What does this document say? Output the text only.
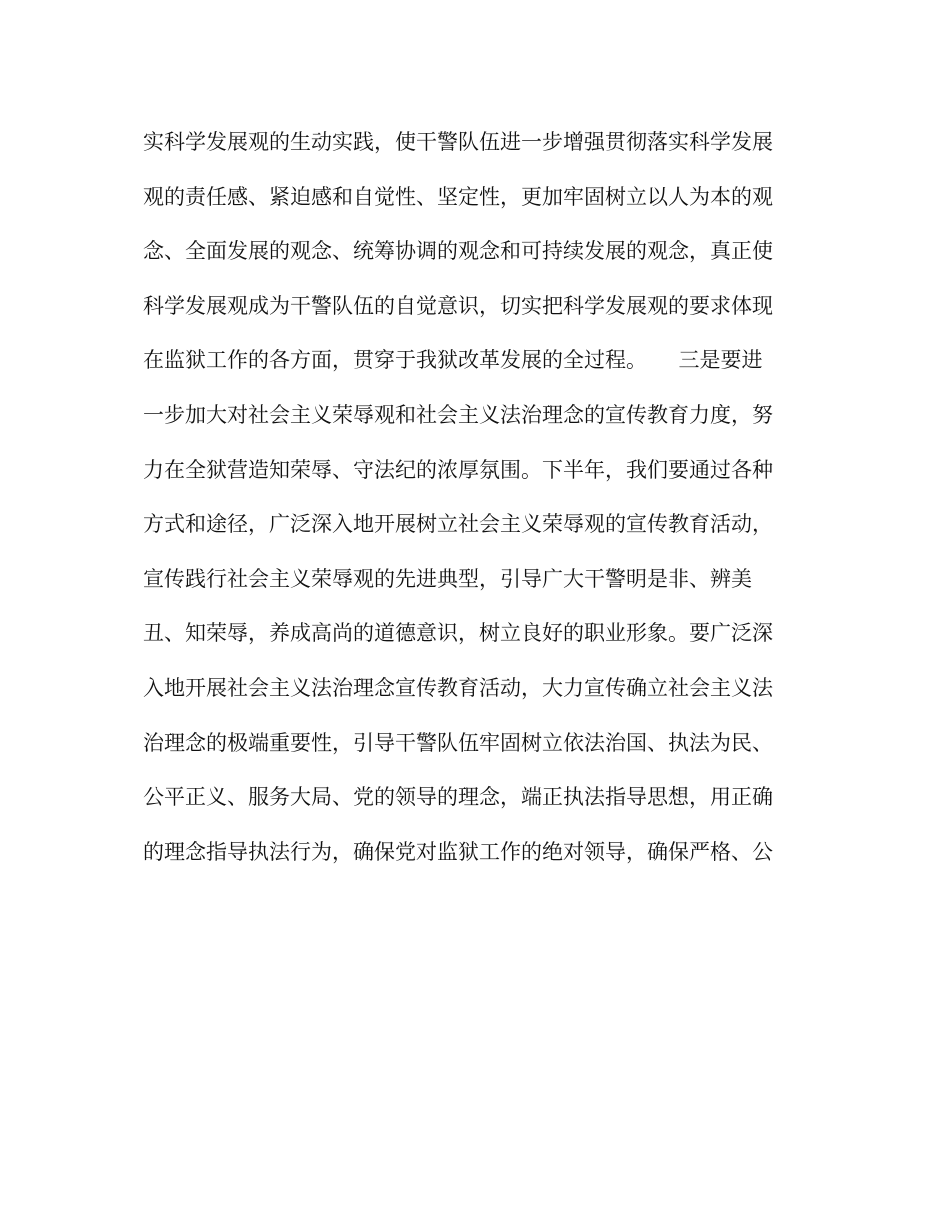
实科学发展观的生动实践，使干警队伍进一步增强贯彻落实科学发展
观的责任感、紧迫感和自觉性、坚定性，更加牢固树立以人为本的观
念、全面发展的观念、统筹协调的观念和可持续发展的观念，真正使
科学发展观成为干警队伍的自觉意识，切实把科学发展观的要求体现
在监狱工作的各方面，贯穿于我狱改革发展的全过程。　　三是要进
一步加大对社会主义荣辱观和社会主义法治理念的宣传教育力度，努
力在全狱营造知荣辱、守法纪的浓厚氛围。下半年，我们要通过各种
方式和途径，广泛深入地开展树立社会主义荣辱观的宣传教育活动，
宣传践行社会主义荣辱观的先进典型，引导广大干警明是非、辨美
丑、知荣辱，养成高尚的道德意识，树立良好的职业形象。要广泛深
入地开展社会主义法治理念宣传教育活动，大力宣传确立社会主义法
治理念的极端重要性，引导干警队伍牢固树立依法治国、执法为民、
公平正义、服务大局、党的领导的理念，端正执法指导思想，用正确
的理念指导执法行为，确保党对监狱工作的绝对领导，确保严格、公
